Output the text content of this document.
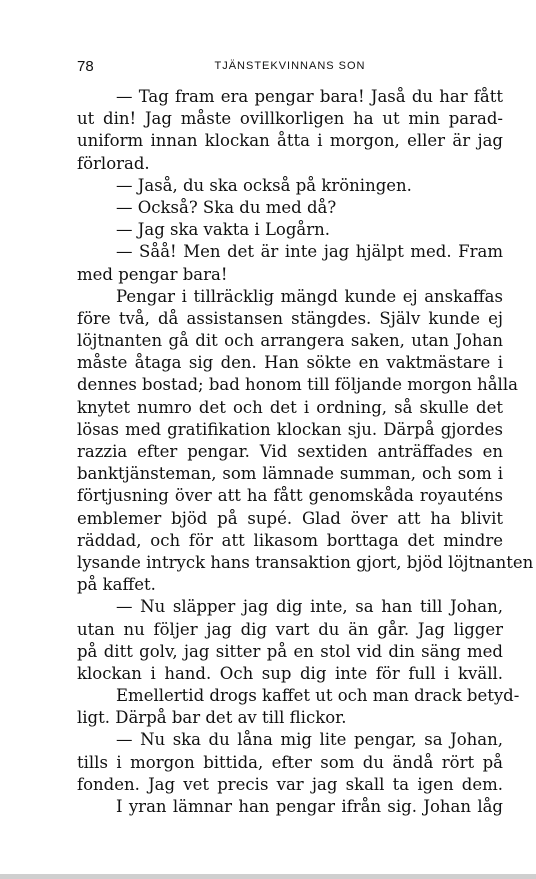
78	TJÄNSTEKVINNANS SON
— Tag fram era pengar bara! Jaså du har fått
ut din! Jag måste ovillkorligen ha ut min parad-
uniform innan klockan åtta i morgon, eller är jag
förlorad.
— Jaså, du ska också på kröningen.
— Också? Ska du med då?
— Jag ska vakta i Logårn.
— Såå! Men det är inte jag hjälpt med. Fram
med pengar bara!
Pengar i tillräcklig mängd kunde ej anskaffas
före två, då assistansen stängdes. Själv kunde ej
löjtnanten gå dit och arrangera saken, utan Johan
måste åtaga sig den. Han sökte en vaktmästare i
dennes bostad; bad honom till följande morgon hålla
knytet numro det och det i ordning, så skulle det
lösas med gratifikation klockan sju. Därpå gjordes
razzia efter pengar. Vid sextiden anträffades en
banktjänsteman, som lämnade summan, och som i
förtjusning över att ha fått genomskåda royauténs
emblemer bjöd på supé. Glad över att ha blivit
räddad, och för att likasom borttaga det mindre
lysande intryck hans transaktion gjort, bjöd löjtnanten
på kaffet.
— Nu släpper jag dig inte, sa han till Johan,
utan nu följer jag dig vart du än går. Jag ligger
på ditt golv, jag sitter på en stol vid din säng med
klockan i hand. Och sup dig inte för full i kväll.
Emellertid drogs kaffet ut och man drack betyd-
ligt. Därpå bar det av till flickor.
— Nu ska du låna mig lite pengar, sa Johan,
tills i morgon bittida, efter som du ändå rört på
fonden. Jag vet precis var jag skall ta igen dem.
I yran lämnar han pengar ifrån sig. Johan låg
